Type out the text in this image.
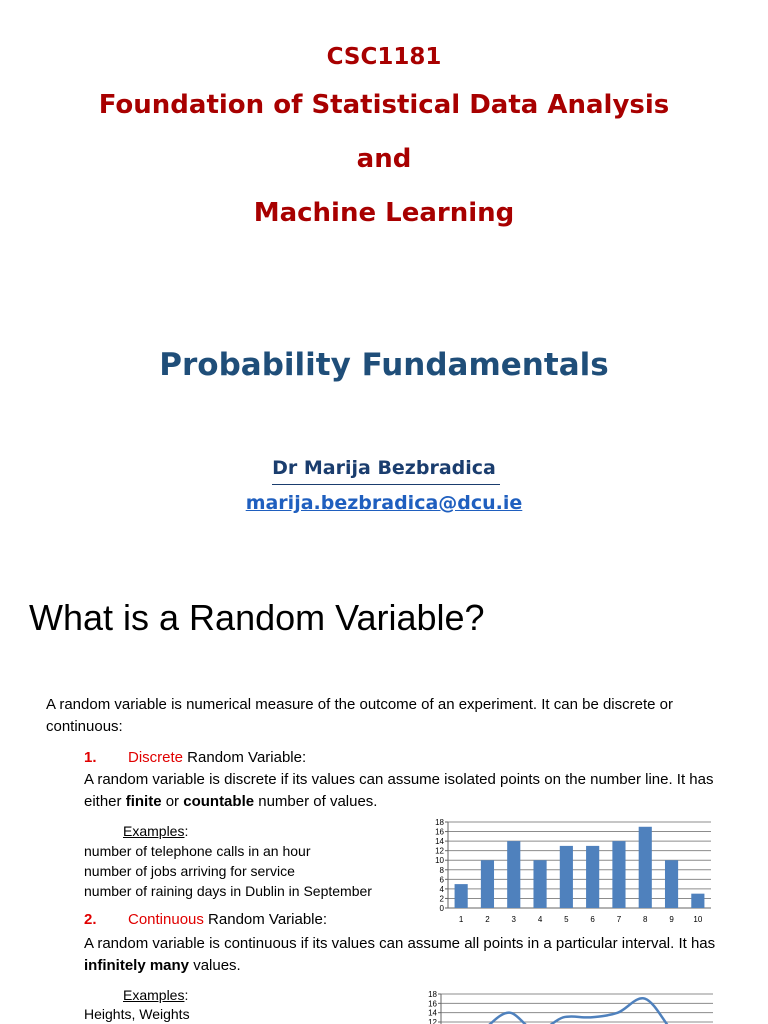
CSC1181
Foundation of Statistical Data Analysis
and
Machine Learning
Probability Fundamentals
Dr Marija Bezbradica
marija.bezbradica@dcu.ie
What is a Random Variable?
A random variable is numerical measure of the outcome of an experiment. It can be discrete or continuous:
1. Discrete Random Variable:
A random variable is discrete if its values can assume isolated points on the number line. It has either finite or countable number of values.
Examples:
number of telephone calls in an hour
number of jobs arriving for service
number of raining days in Dublin in September
0
2
4
6
8
10
12
14
16
18
1	2	3	4	5	6	7	8	9 10
2. Continuous Random Variable:
A random variable is continuous if its values can assume all points in a particular interval. It has infinitely many values.
Examples:
Heights, Weights
12
14
16
18
